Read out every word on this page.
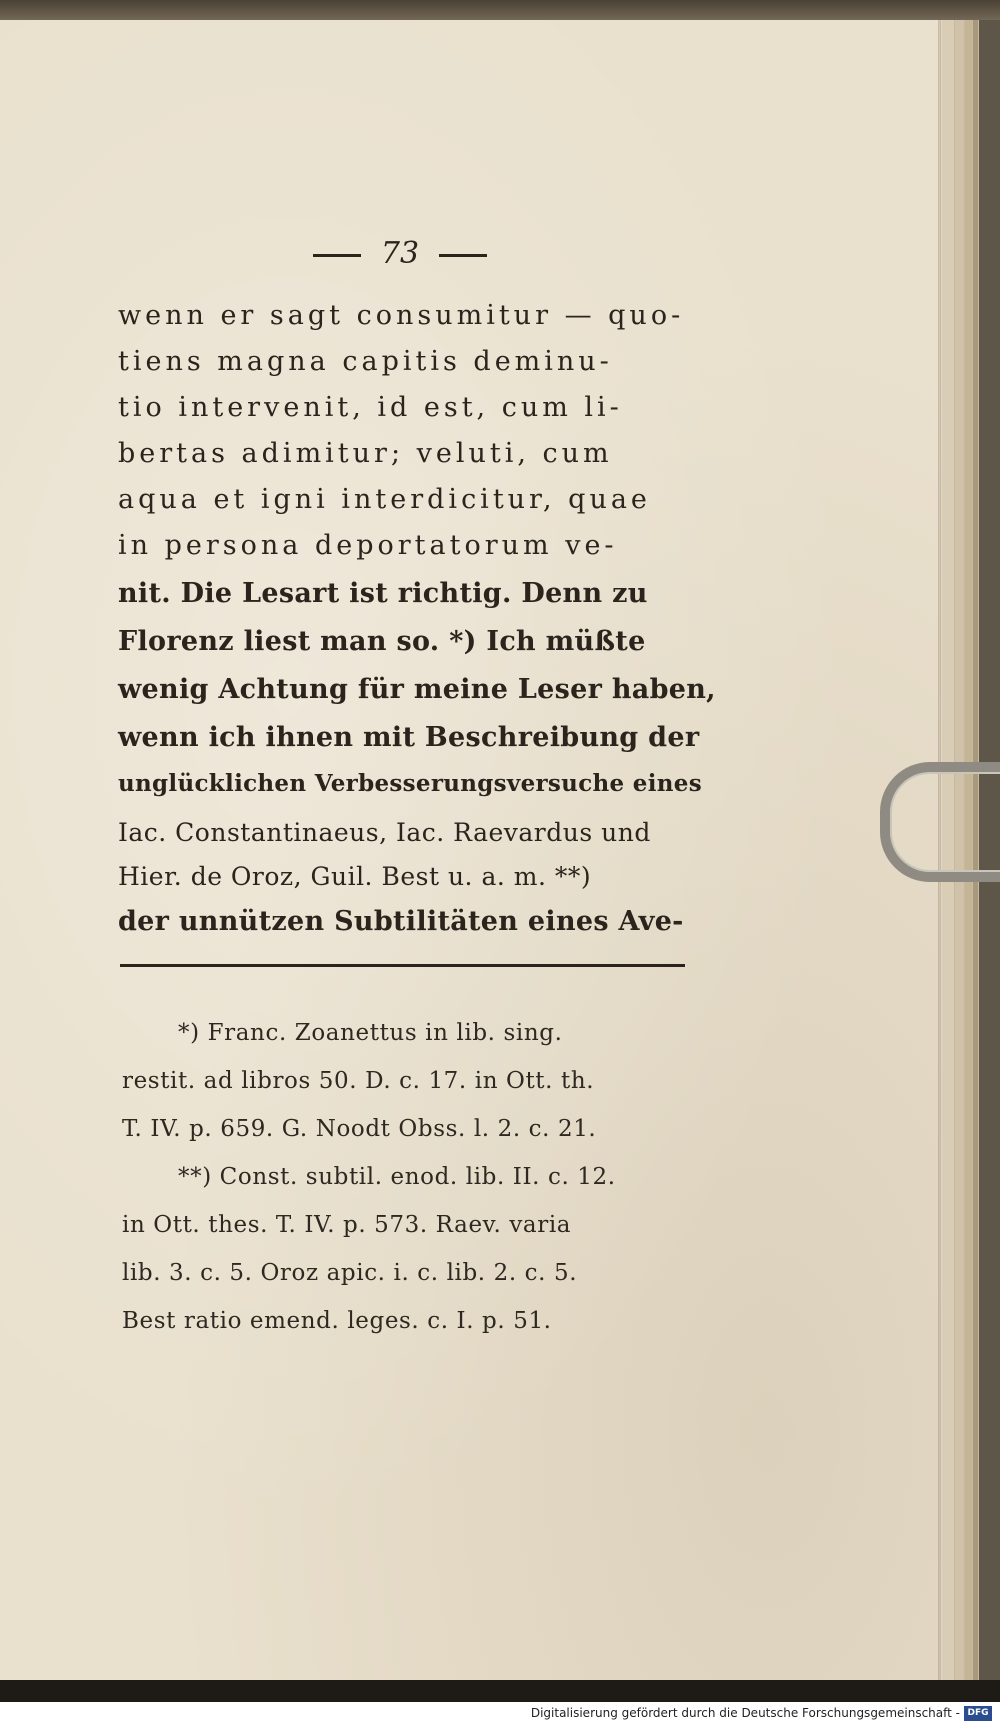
73
wenn er sagt consumitur — quo-
tiens magna capitis deminu-
tio intervenit, id est, cum li-
bertas adimitur; veluti, cum
aqua et igni interdicitur, quae
in persona deportatorum ve-
nit. Die Lesart ist richtig. Denn zu
Florenz liest man so. *) Ich müßte
wenig Achtung für meine Leser haben,
wenn ich ihnen mit Beschreibung der
unglücklichen Verbesserungsversuche eines
Iac. Constantinaeus, Iac. Raevardus und
Hier. de Oroz, Guil. Best u. a. m. **)
der unnützen Subtilitäten eines Ave-
*) Franc. Zoanettus in lib. sing.
restit. ad libros 50. D. c. 17. in Ott. th.
T. IV. p. 659. G. Noodt Obss. l. 2. c. 21.
**) Const. subtil. enod. lib. II. c. 12.
in Ott. thes. T. IV. p. 573. Raev. varia
lib. 3. c. 5. Oroz apic. i. c. lib. 2. c. 5.
Best ratio emend. leges. c. I. p. 51.
Digitalisierung gefördert durch die Deutsche Forschungsgemeinschaft - DFG
